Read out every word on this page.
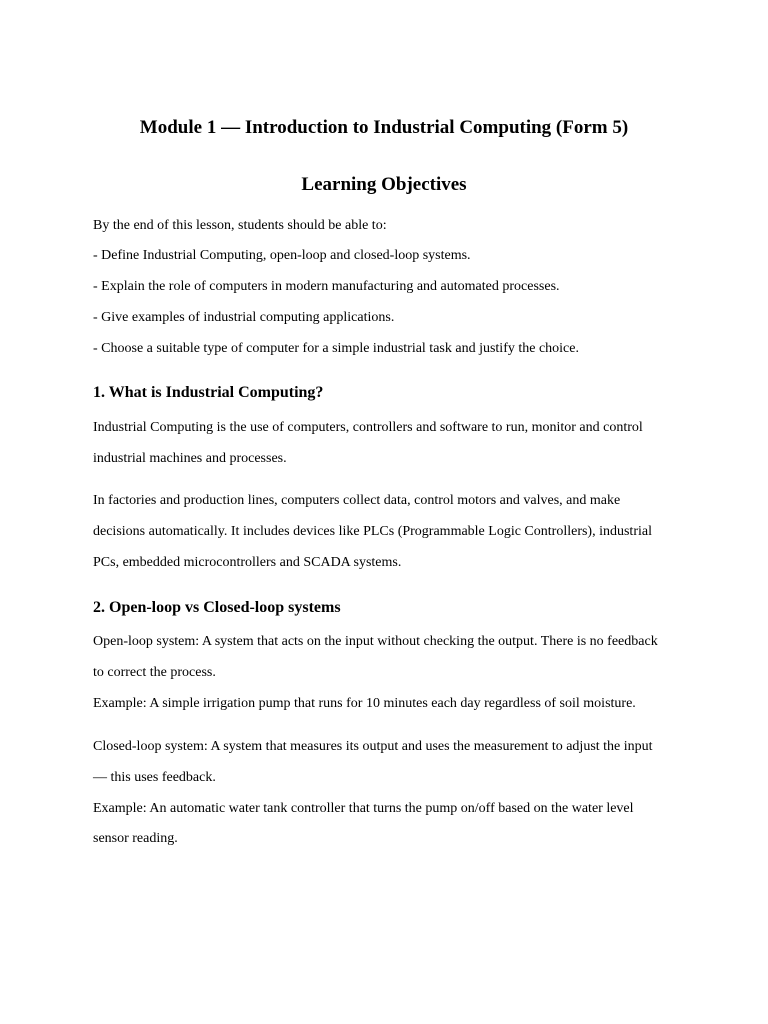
Module 1 — Introduction to Industrial Computing (Form 5)
Learning Objectives

By the end of this lesson, students should be able to:

- Define Industrial Computing, open-loop and closed-loop systems.

- Explain the role of computers in modern manufacturing and automated processes.

- Give examples of industrial computing applications.

- Choose a suitable type of computer for a simple industrial task and justify the choice.

1. What is Industrial Computing?

Industrial Computing is the use of computers, controllers and software to run, monitor and control

industrial machines and processes.

In factories and production lines, computers collect data, control motors and valves, and make

decisions automatically. It includes devices like PLCs (Programmable Logic Controllers), industrial

PCs, embedded microcontrollers and SCADA systems.

2. Open-loop vs Closed-loop systems

Open-loop system: A system that acts on the input without checking the output. There is no feedback

to correct the process.

Example: A simple irrigation pump that runs for 10 minutes each day regardless of soil moisture.

Closed-loop system: A system that measures its output and uses the measurement to adjust the input

— this uses feedback.

Example: An automatic water tank controller that turns the pump on/off based on the water level

sensor reading.
